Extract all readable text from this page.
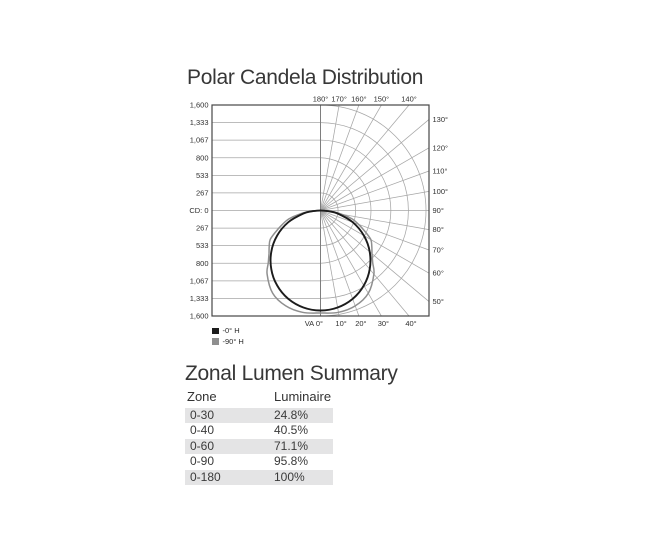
Polar Candela Distribution
1,600
1,333
1,067
800
533
267
CD: 0
267
533
800
1,067
1,333
1,600
180° 170° 160° 150° 140°
130°
120°
110°
100°
90°
80°
70°
60°
50°
VA 0° 10° 20° 30° 40°
-0° H
-90° H
Zonal Lumen Summary
Zone	Luminaire
0-30	24.8%
0-40	40.5%
0-60	71.1%
0-90	95.8%
0-180	100%
